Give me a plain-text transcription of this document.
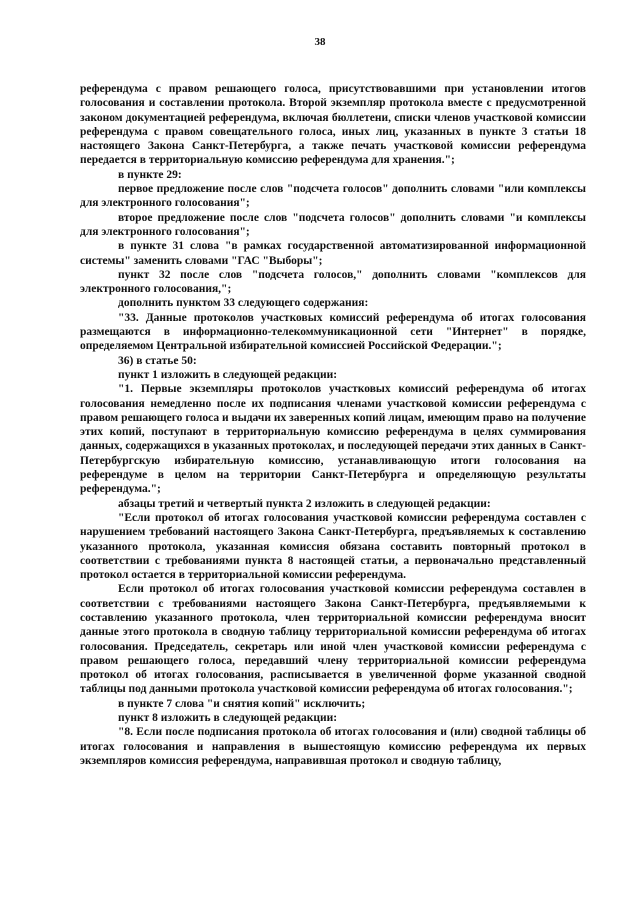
38

референдума с правом решающего голоса, присутствовавшими при установлении итогов голосования и составлении протокола. Второй экземпляр протокола вместе с предусмотренной законом документацией референдума, включая бюллетени, списки членов участковой комиссии референдума с правом совещательного голоса, иных лиц, указанных в пункте 3 статьи 18 настоящего Закона Санкт-Петербурга, а также печать участковой комиссии референдума передается в территориальную комиссию референдума для хранения.";

в пункте 29:

первое предложение после слов "подсчета голосов" дополнить словами "или комплексы для электронного голосования";

второе предложение после слов "подсчета голосов" дополнить словами "и комплексы для электронного голосования";

в пункте 31 слова "в рамках государственной автоматизированной информационной системы" заменить словами "ГАС "Выборы";

пункт 32 после слов "подсчета голосов," дополнить словами "комплексов для электронного голосования,";

дополнить пунктом 33 следующего содержания:

"33. Данные протоколов участковых комиссий референдума об итогах голосования размещаются в информационно-телекоммуникационной сети "Интернет" в порядке, определяемом Центральной избирательной комиссией Российской Федерации.";

36) в статье 50:

пункт 1 изложить в следующей редакции:

"1. Первые экземпляры протоколов участковых комиссий референдума об итогах голосования немедленно после их подписания членами участковой комиссии референдума с правом решающего голоса и выдачи их заверенных копий лицам, имеющим право на получение этих копий, поступают в территориальную комиссию референдума в целях суммирования данных, содержащихся в указанных протоколах, и последующей передачи этих данных в Санкт-Петербургскую избирательную комиссию, устанавливающую итоги голосования на референдуме в целом на территории Санкт-Петербурга и определяющую результаты референдума.";

абзацы третий и четвертый пункта 2 изложить в следующей редакции:

"Если протокол об итогах голосования участковой комиссии референдума составлен с нарушением требований настоящего Закона Санкт-Петербурга, предъявляемых к составлению указанного протокола, указанная комиссия обязана составить повторный протокол в соответствии с требованиями пункта 8 настоящей статьи, а первоначально представленный протокол остается в территориальной комиссии референдума.

Если протокол об итогах голосования участковой комиссии референдума составлен в соответствии с требованиями настоящего Закона Санкт-Петербурга, предъявляемыми к составлению указанного протокола, член территориальной комиссии референдума вносит данные этого протокола в сводную таблицу территориальной комиссии референдума об итогах голосования. Председатель, секретарь или иной член участковой комиссии референдума с правом решающего голоса, передавший члену территориальной комиссии референдума протокол об итогах голосования, расписывается в увеличенной форме указанной сводной таблицы под данными протокола участковой комиссии референдума об итогах голосования.";

в пункте 7 слова "и снятия копий" исключить;

пункт 8 изложить в следующей редакции:

"8. Если после подписания протокола об итогах голосования и (или) сводной таблицы об итогах голосования и направления в вышестоящую комиссию референдума их первых экземпляров комиссия референдума, направившая протокол и сводную таблицу,
